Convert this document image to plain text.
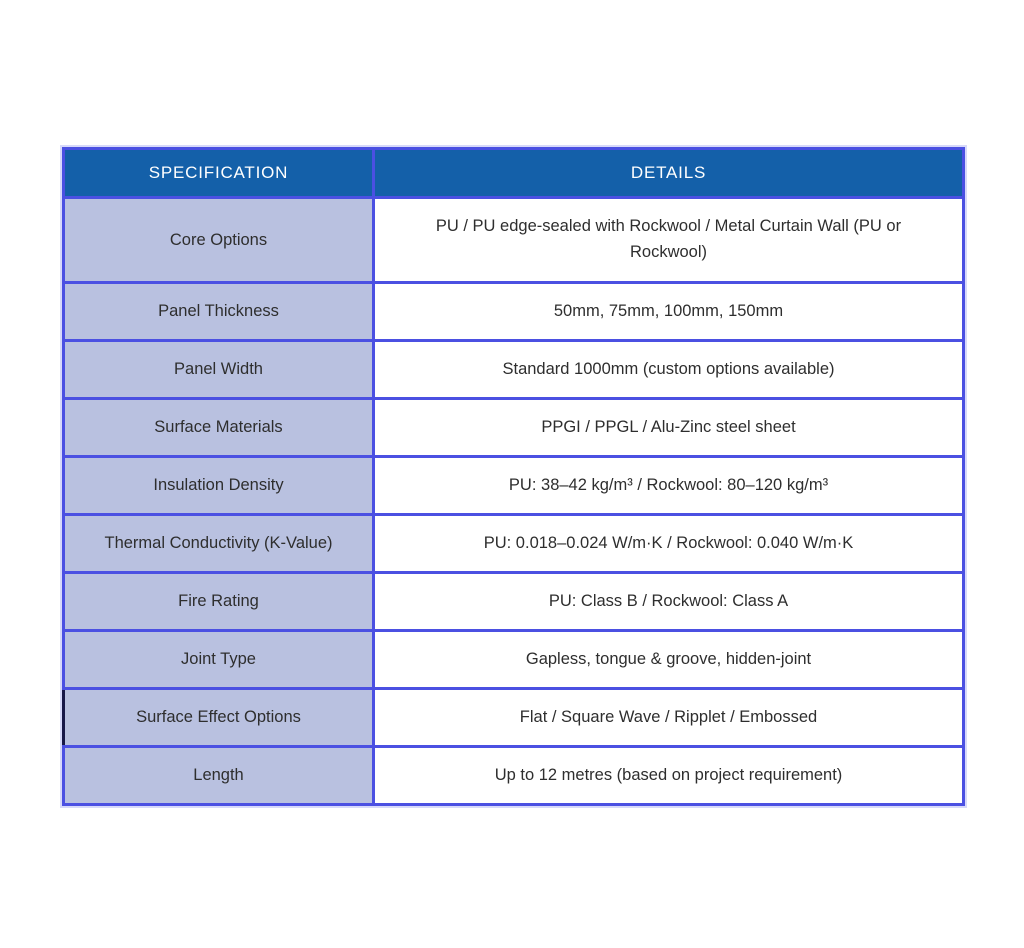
SPECIFICATION	DETAILS
Core Options	PU / PU edge-sealed with Rockwool / Metal Curtain Wall (PU or Rockwool)
Panel Thickness	50mm, 75mm, 100mm, 150mm
Panel Width	Standard 1000mm (custom options available)
Surface Materials	PPGI / PPGL / Alu-Zinc steel sheet
Insulation Density	PU: 38–42 kg/m³ / Rockwool: 80–120 kg/m³
Thermal Conductivity (K-Value)	PU: 0.018–0.024 W/m·K / Rockwool: 0.040 W/m·K
Fire Rating	PU: Class B / Rockwool: Class A
Joint Type	Gapless, tongue & groove, hidden-joint
Surface Effect Options	Flat / Square Wave / Ripplet / Embossed
Length	Up to 12 metres (based on project requirement)
